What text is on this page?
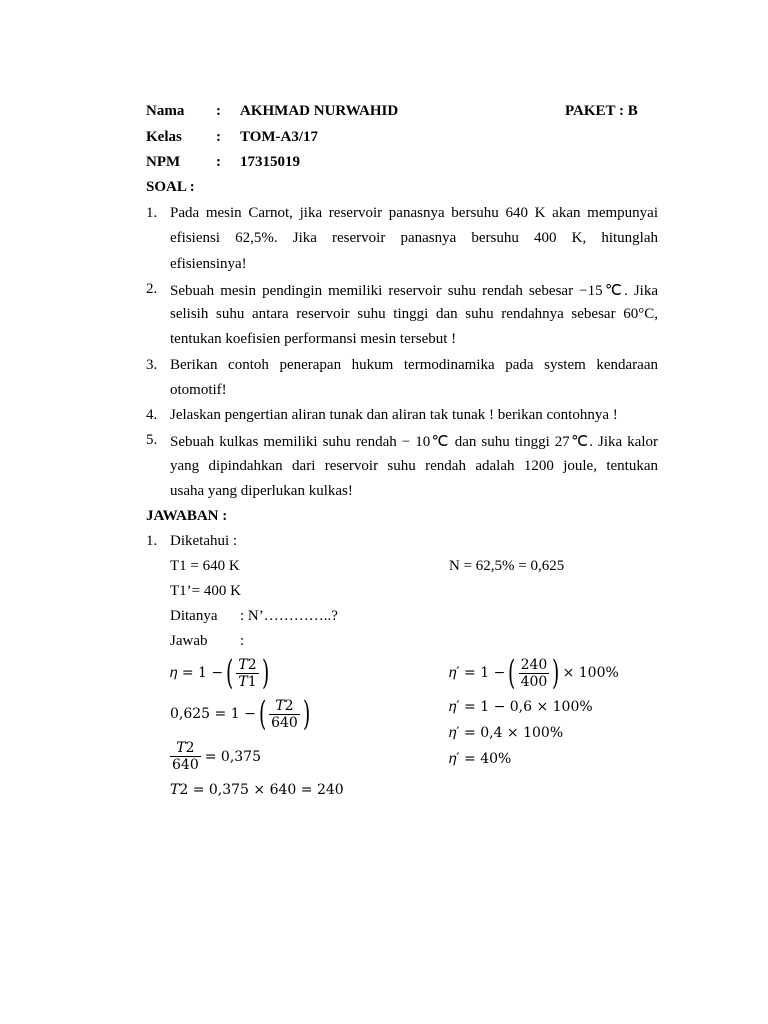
Nama : AKHMAD NURWAHID	PAKET : B
Kelas : TOM-A3/17
NPM : 17315019
SOAL :
1. Pada mesin Carnot, jika reservoir panasnya bersuhu 640 K akan mempunyai
efisiensi 62,5%. Jika reservoir panasnya bersuhu 400 K, hitunglah
efisiensinya!
2. Sebuah mesin pendingin memiliki reservoir suhu rendah sebesar −15℃. Jika
selisih suhu antara reservoir suhu tinggi dan suhu rendahnya sebesar 60°C,
tentukan koefisien performansi mesin tersebut !
3. Berikan contoh penerapan hukum termodinamika pada system kendaraan
otomotif!
4. Jelaskan pengertian aliran tunak dan aliran tak tunak ! berikan contohnya !
5. Sebuah kulkas memiliki suhu rendah − 10℃ dan suhu tinggi 27℃. Jika kalor
yang dipindahkan dari reservoir suhu rendah adalah 1200 joule, tentukan
usaha yang diperlukan kulkas!
JAWABAN :
1. Diketahui :
T1 = 640 K	N = 62,5% = 0,625
T1’= 400 K
Ditanya : N’…………..?
Jawab :
𝜂 = 1 − ( $\frac{\text{𝑇2}}{\text{𝑇1}}$ )
0,625 = 1 − ( $\frac{\text{𝑇2}}{640}$ )
$\frac{\text{𝑇2}}{640} = 0,375$
𝑇2 = 0,375 × 640 = 240
𝜂′ = 1 − ( $\frac{240}{400}$ ) × 100%
𝜂′ = 1 − 0,6 × 100%
𝜂′ = 0,4 × 100%
𝜂′ = 40%
